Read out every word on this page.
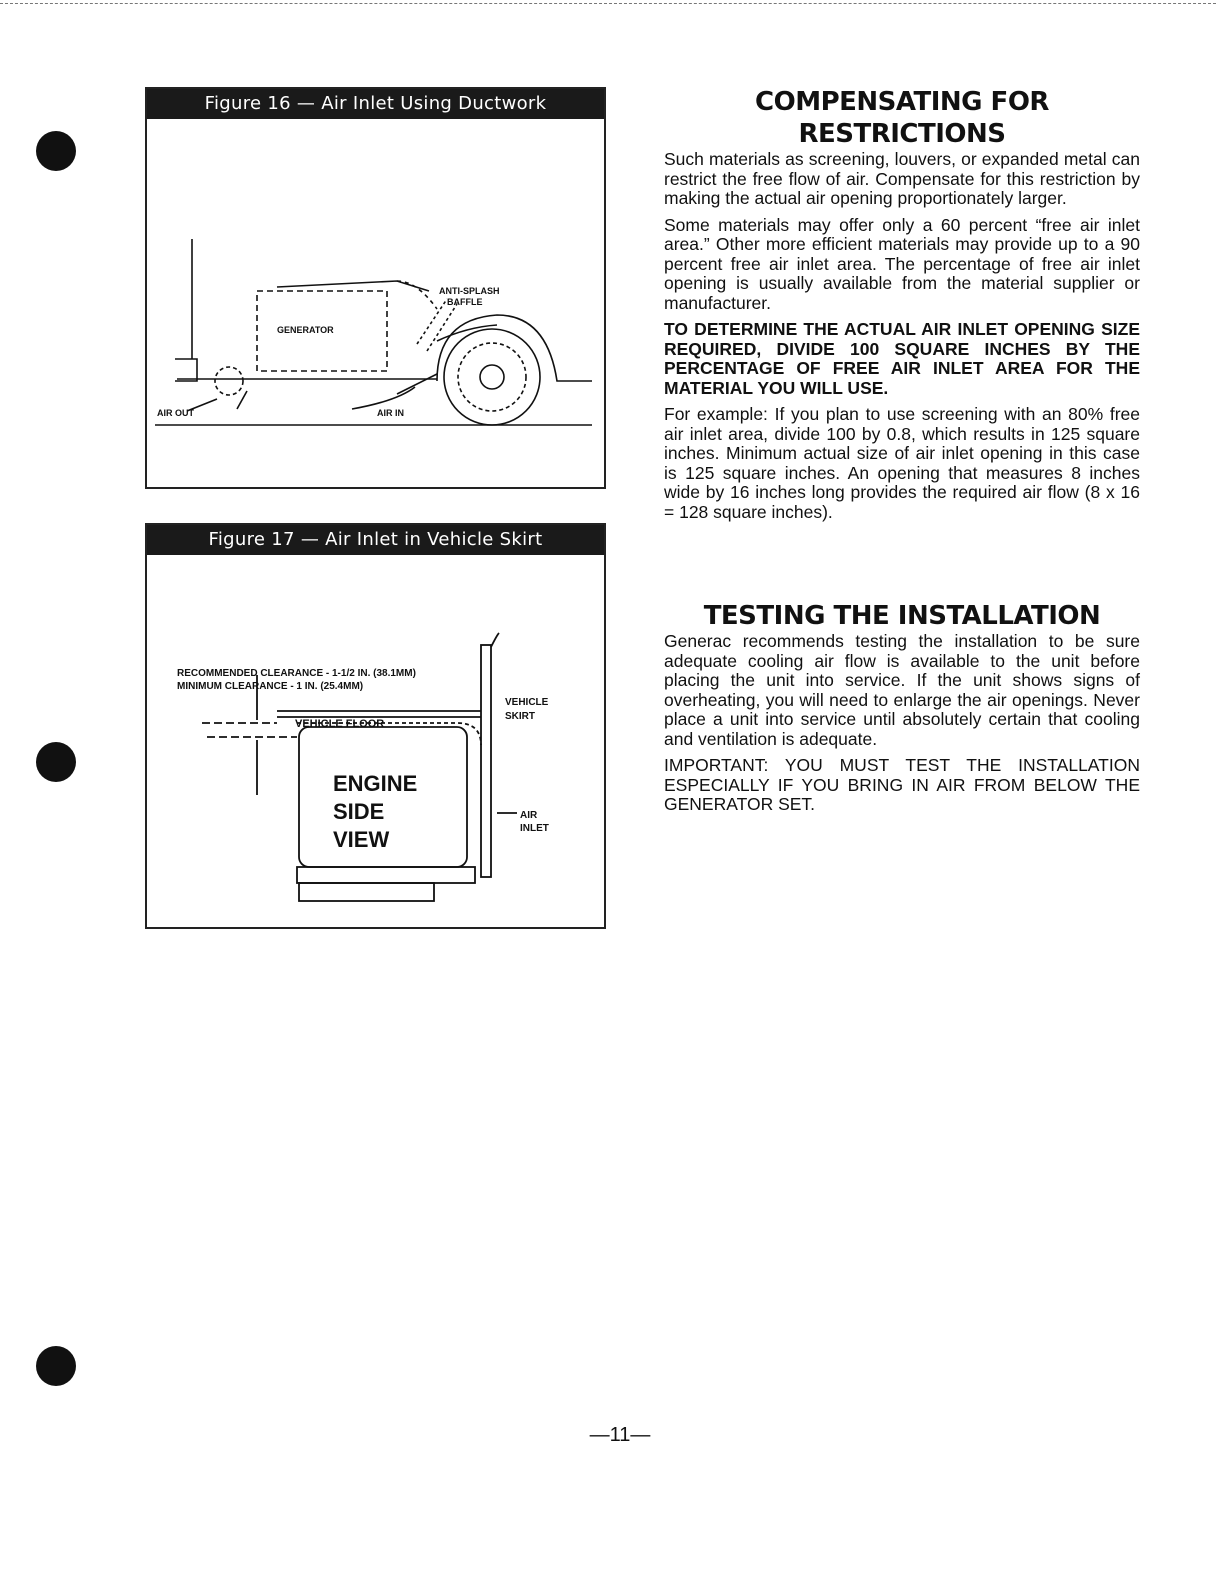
Figure 16 — Air Inlet Using Ductwork
ANTI-SPLASH
BAFFLE
GENERATOR
AIR OUT	AIR IN
Figure 17 — Air Inlet in Vehicle Skirt
RECOMMENDED CLEARANCE - 1-1/2 IN. (38.1MM)
MINIMUM CLEARANCE - 1 IN. (25.4MM)
VEHICLE FLOOR
VEHICLE
SKIRT
AIR
INLET
ENGINE
SIDE
VIEW
COMPENSATING FOR
RESTRICTIONS

Such materials as screening, louvers, or expanded metal can restrict the free flow of air. Compensate for this restriction by making the actual air opening proportionately larger.

Some materials may offer only a 60 percent “free air inlet area.” Other more efficient materials may provide up to a 90 percent free air inlet area. The percentage of free air inlet opening is usually available from the material supplier or manufacturer.

TO DETERMINE THE ACTUAL AIR INLET OPENING SIZE REQUIRED, DIVIDE 100 SQUARE INCHES BY THE PERCENTAGE OF FREE AIR INLET AREA FOR THE MATERIAL YOU WILL USE.

For example: If you plan to use screening with an 80% free air inlet area, divide 100 by 0.8, which results in 125 square inches. Minimum actual size of air inlet opening in this case is 125 square inches. An opening that measures 8 inches wide by 16 inches long provides the required air flow (8 x 16 = 128 square inches).

TESTING THE INSTALLATION

Generac recommends testing the installation to be sure adequate cooling air flow is available to the unit before placing the unit into service. If the unit shows signs of overheating, you will need to enlarge the air openings. Never place a unit into service until absolutely certain that cooling and ventilation is adequate.

IMPORTANT: YOU MUST TEST THE INSTALLATION ESPECIALLY IF YOU BRING IN AIR FROM BELOW THE GENERATOR SET.

—11—
